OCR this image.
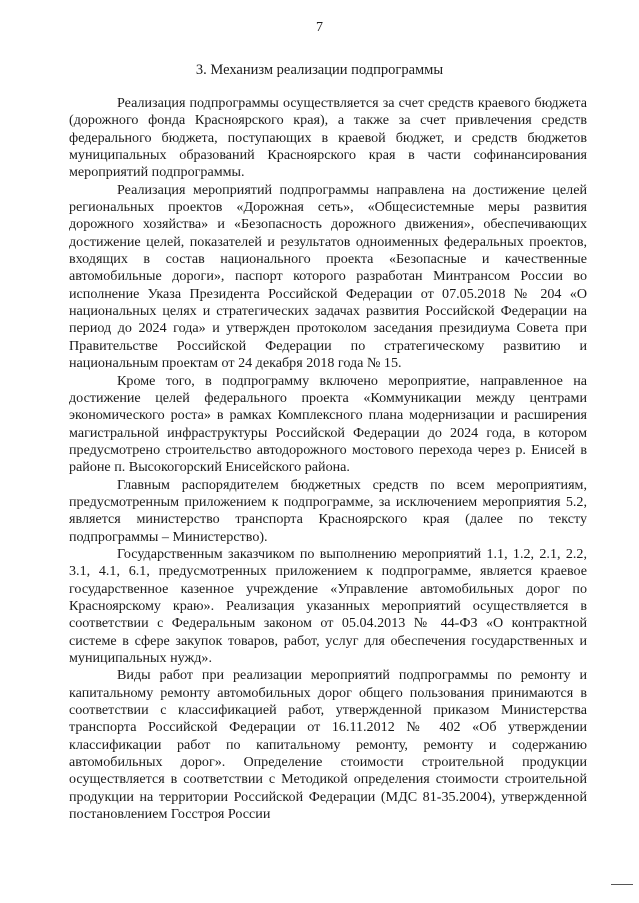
7
3. Механизм реализации подпрограммы

Реализация подпрограммы осуществляется за счет средств краевого бюджета (дорожного фонда Красноярского края), а также за счет привлечения средств федерального бюджета, поступающих в краевой бюджет, и средств бюджетов муниципальных образований Красноярского края в части софинансирования мероприятий подпрограммы.

Реализация мероприятий подпрограммы направлена на достижение целей региональных проектов «Дорожная сеть», «Общесистемные меры развития дорожного хозяйства» и «Безопасность дорожного движения», обеспечивающих достижение целей, показателей и результатов одноименных федеральных проектов, входящих в состав национального проекта «Безопасные и качественные автомобильные дороги», паспорт которого разработан Минтрансом России во исполнение Указа Президента Российской Федерации от 07.05.2018 № 204 «О национальных целях и стратегических задачах развития Российской Федерации на период до 2024 года» и утвержден протоколом заседания президиума Совета при Правительстве Российской Федерации по стратегическому развитию и национальным проектам от 24 декабря 2018 года № 15.

Кроме того, в подпрограмму включено мероприятие, направленное на достижение целей федерального проекта «Коммуникации между центрами экономического роста» в рамках Комплексного плана модернизации и расширения магистральной инфраструктуры Российской Федерации до 2024 года, в котором предусмотрено строительство автодорожного мостового перехода через р. Енисей в районе п. Высокогорский Енисейского района.

Главным распорядителем бюджетных средств по всем мероприятиям, предусмотренным приложением к подпрограмме, за исключением мероприятия 5.2, является министерство транспорта Красноярского края (далее по тексту подпрограммы – Министерство).

Государственным заказчиком по выполнению мероприятий 1.1, 1.2, 2.1, 2.2, 3.1, 4.1, 6.1, предусмотренных приложением к подпрограмме, является краевое государственное казенное учреждение «Управление автомобильных дорог по Красноярскому краю». Реализация указанных мероприятий осуществляется в соответствии с Федеральным законом от 05.04.2013 № 44-ФЗ «О контрактной системе в сфере закупок товаров, работ, услуг для обеспечения государственных и муниципальных нужд».

Виды работ при реализации мероприятий подпрограммы по ремонту и капитальному ремонту автомобильных дорог общего пользования принимаются в соответствии с классификацией работ, утвержденной приказом Министерства транспорта Российской Федерации от 16.11.2012 № 402 «Об утверждении классификации работ по капитальному ремонту, ремонту и содержанию автомобильных дорог». Определение стоимости строительной продукции осуществляется в соответствии с Методикой определения стоимости строительной продукции на территории Российской Федерации (МДС 81-35.2004), утвержденной постановлением Госстроя России
